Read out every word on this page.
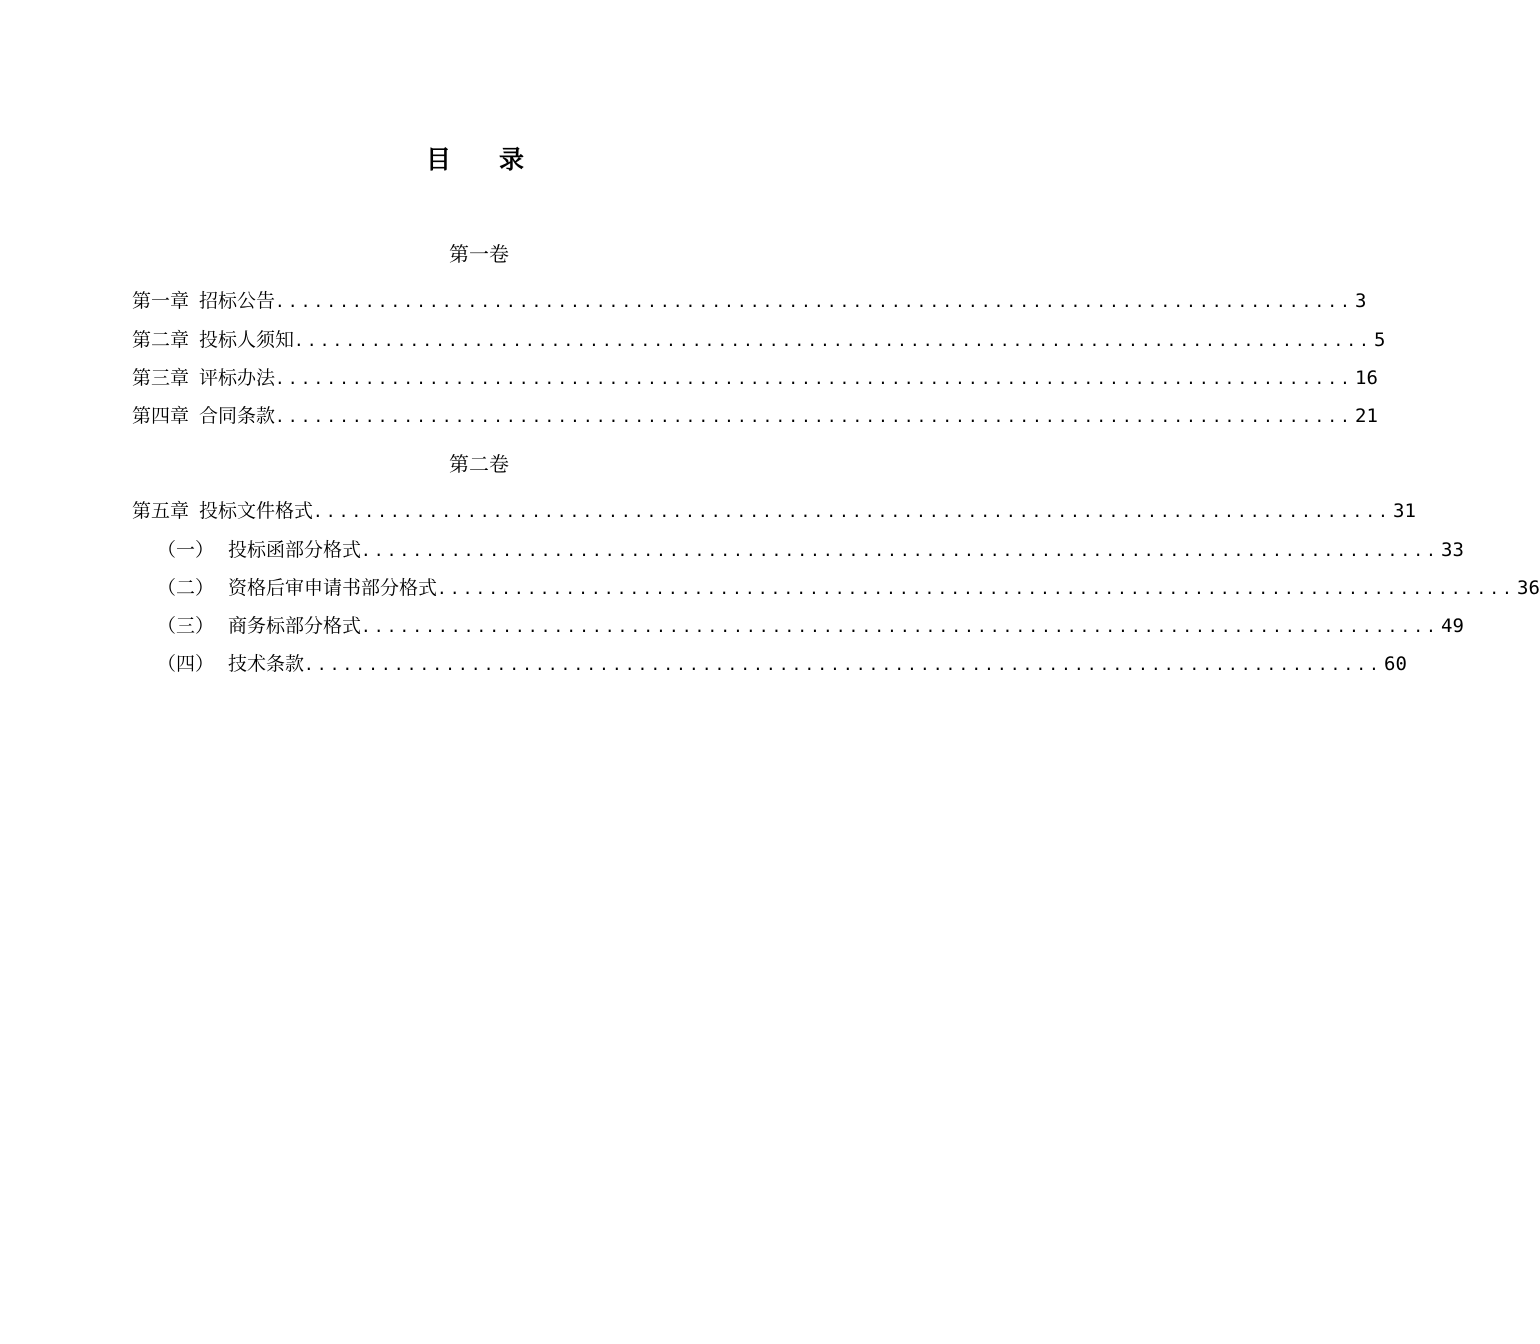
目 录
第一卷
第一章 招标公告 .................................................................................... 3
第二章 投标人须知 .................................................................................... 5
第三章 评标办法 .................................................................................... 16
第四章 合同条款 .................................................................................... 21
第二卷
第五章 投标文件格式 .................................................................................... 31
（一） 投标函部分格式 .................................................................................... 33
（二） 资格后审申请书部分格式 .................................................................................... 36
（三） 商务标部分格式 .................................................................................... 49
（四） 技术条款 .................................................................................... 60
